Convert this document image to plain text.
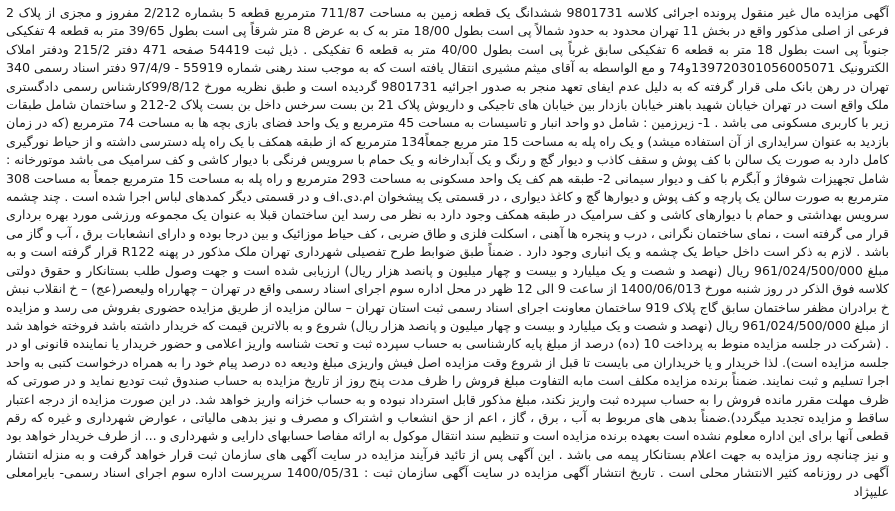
آگهی مزایده مال غیر منقول پرونده اجرائی کلاسه 9801731 ششدانگ یک قطعه زمین به مساحت 711/87 مترمربع قطعه 5 بشماره 2/212 مفروز و مجزی از پلاک 2 فرعی از اصلی مذکور واقع در بخش 11 تهران محدود به حدود شمالاً پی است بطول 18/00 متر به ک به عرض 8 متر شرقاً پی است بطول 39/65 متر به قطعه 4 تفکیکی جنوباً پی است بطول 18 متر به قطعه 6 تفکیکی سابق غرباً پی است بطول 40/00 متر به قطعه 6 تفکیکی . ذیل ثبت 54419 صفحه 471 دفتر 215/2 ودفتر املاک الکترونیک 139720301056005071و74 و مع الواسطه به آقای میثم مشیری انتقال یافته است که به موجب سند رهنی شماره 55919 - 97/4/9 دفتر اسناد رسمی 340 تهران در رهن بانک ملی قرار گرفته که به دلیل عدم ایفای تعهد منجر به صدور اجرائیه 9801731 گردیده است و طبق نظریه مورخ 99/8/12کارشناس رسمی دادگستری ملک واقع است در تهران خیابان شهید باهنر خیابان بازدار بین خیابان های تاجیکی و داریوش پلاک 21 بن بست سرخس داخل بن بست پلاک 2-212 و ساختمان شامل طبقات زیر با کاربری مسکونی می باشد . 1- زیرزمین : شامل دو واحد انبار و تاسیسات به مساحت 45 مترمربع و یک واحد فضای بازی بچه ها به مساحت 74 مترمربع (که در زمان بازدید به عنوان سرایداری از آن استفاده میشد) و یک راه پله به مساحت 15 متر مربع جمعاً134 مترمربع که از طبقه همکف با یک راه پله دسترسی داشته و از حیاط نورگیری کامل دارد به صورت یک سالن با کف پوش و سقف کاذب و دیوار گچ و رنگ و یک آبدارخانه و یک حمام با سرویس فرنگی با دیوار کاشی و کف سرامیک می باشد موتورخانه : شامل تجهیزات شوفاژ و آبگرم با کف و دیوار سیمانی 2- طبقه هم کف یک واحد مسکونی به مساحت 293 مترمربع و راه پله به مساحت 15 مترمربع جمعاً به مساحت 308 مترمربع به صورت سالن یک پارچه و کف پوش و دیوارها گچ و کاغذ دیواری ، در قسمتی یک پیشخوان ام.دی.اف و در قسمتی دیگر کمدهای لباس اجرا شده است . چند چشمه سرویس بهداشتی و حمام با دیوارهای کاشی و کف سرامیک در طبقه همکف وجود دارد به نظر می رسد این ساختمان قبلا به عنوان یک مجموعه ورزشی مورد بهره برداری قرار می گرفته است ، نمای ساختمان نگرانی ، درب و پنجره ها آهنی ، اسکلت فلزی و طاق ضربی ، کف حیاط موزائیک و بین درجا بوده و دارای انشعابات برق ، آب و گاز می باشد . لازم به ذکر است داخل حیاط یک چشمه و یک انباری وجود دارد . ضمناً طبق ضوابط طرح تفصیلی شهرداری تهران ملک مذکور در پهنه R122 قرار گرفته است و به مبلغ 961/024/500/000 ریال (نهصد و شصت و یک میلیارد و بیست و چهار میلیون و پانصد هزار ریال) ارزیابی شده است و جهت وصول طلب بستانکار و حقوق دولتی کلاسه فوق الذکر در روز شنبه مورخ 1400/06/013 از ساعت 9 الی 12 ظهر در محل اداره سوم اجرای اسناد رسمی واقع در تهران – چهارراه ولیعصر(عج) – خ انقلاب نبش خ برادران مظفر ساختمان سابق گاج پلاک 919 ساختمان معاونت اجرای اسناد رسمی ثبت استان تهران – سالن مزایده از طریق مزایده حضوری بفروش می رسد و مزایده از مبلغ 961/024/500/000 ریال (نهصد و شصت و یک میلیارد و بیست و چهار میلیون و پانصد هزار ریال) شروع و به بالاترین قیمت که خریدار داشته باشد فروخته خواهد شد . (شرکت در جلسه مزایده منوط به پرداخت 10 (ده) درصد از مبلغ پایه کارشناسی به حساب سپرده ثبت و تحت شناسه واریز اعلامی و حضور خریدار یا نماینده قانونی او در جلسه مزایده است). لذا خریدار و یا خریداران می بایست تا قبل از شروع وقت مزایده اصل فیش واریزی مبلغ ودیعه ده درصد پیام خود را به همراه درخواست کتبی به واحد اجرا تسلیم و ثبت نمایند. ضمناً برنده مزایده مکلف است مابه التفاوت مبلغ فروش را ظرف مدت پنج روز از تاریخ مزایده به حساب صندوق ثبت تودیع نماید و در صورتی که ظرف مهلت مقرر مانده فروش را به حساب سپرده ثبت واریز نکند، مبلغ مذکور قابل استرداد نبوده و به حساب خزانه واریز خواهد شد. در این صورت مزایده از درجه اعتبار ساقط و مزایده تجدید میگردد).ضمناً بدهی های مربوط به آب ، برق ، گاز ، اعم از حق انشعاب و اشتراک و مصرف و نیز بدهی مالیاتی ، عوارض شهرداری و غیره که رقم قطعی آنها برای این اداره معلوم نشده است بعهده برنده مزایده است و تنظیم سند انتقال موکول به ارائه مفاصا حسابهای دارایی و شهرداری و ... از طرف خریدار خواهد بود و نیز چنانچه روز مزایده به جهت اعلام بستانکار پیمه می باشد . این آگهی پس از تائید فرآیند مزایده در سایت آگهی های سازمان ثبت قرار خواهد گرفت و به منزله انتشار آگهی در روزنامه کثیر الانتشار محلی است . تاریخ انتشار آگهی مزایده در سایت آگهی سازمان ثبت : 1400/05/31 سرپرست اداره سوم اجرای اسناد رسمی- بایرامعلی علیپژاد
